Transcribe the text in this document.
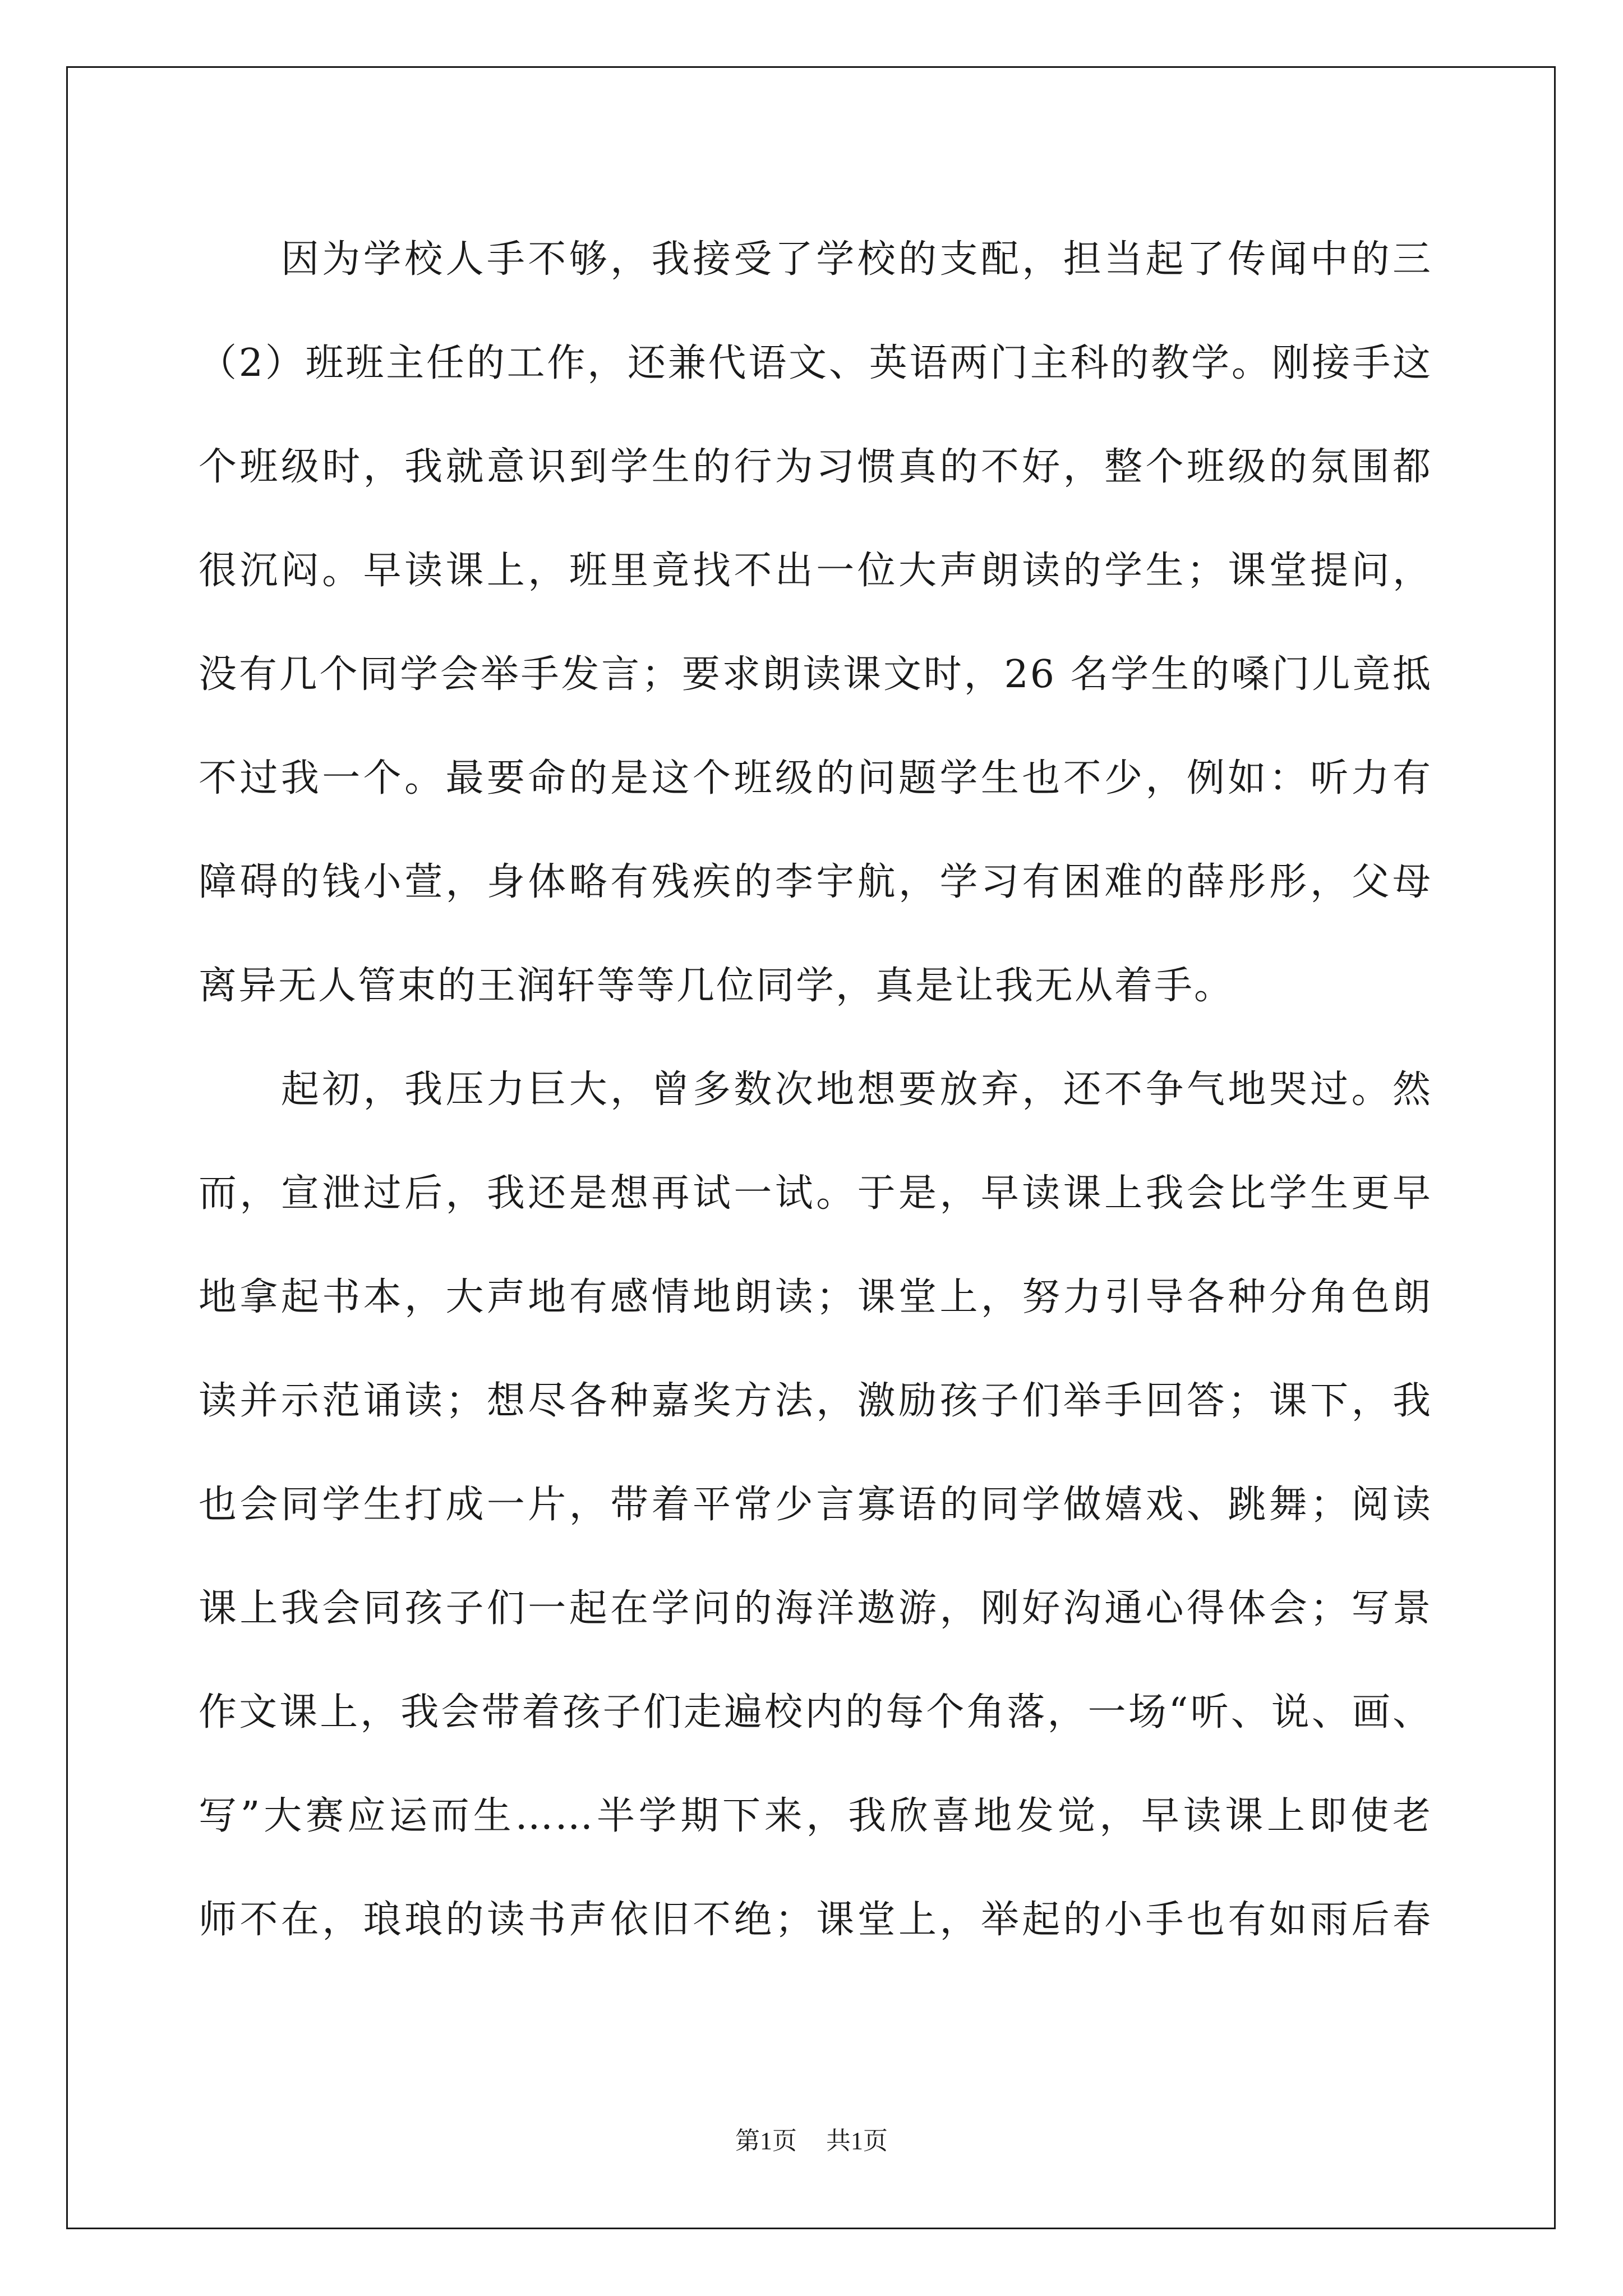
　　因为学校人手不够，我接受了学校的支配，担当起了传闻中的三
（2）班班主任的工作，还兼代语文、英语两门主科的教学。刚接手这
个班级时，我就意识到学生的行为习惯真的不好，整个班级的氛围都
很沉闷。早读课上，班里竟找不出一位大声朗读的学生；课堂提问，
没有几个同学会举手发言；要求朗读课文时，26 名学生的嗓门儿竟抵
不过我一个。最要命的是这个班级的问题学生也不少，例如：听力有
障碍的钱小萱，身体略有残疾的李宇航，学习有困难的薛彤彤，父母
离异无人管束的王润轩等等几位同学，真是让我无从着手。
　　起初，我压力巨大，曾多数次地想要放弃，还不争气地哭过。然
而，宣泄过后，我还是想再试一试。于是，早读课上我会比学生更早
地拿起书本，大声地有感情地朗读；课堂上，努力引导各种分角色朗
读并示范诵读；想尽各种嘉奖方法，激励孩子们举手回答；课下，我
也会同学生打成一片，带着平常少言寡语的同学做嬉戏、跳舞；阅读
课上我会同孩子们一起在学问的海洋遨游，刚好沟通心得体会；写景
作文课上，我会带着孩子们走遍校内的每个角落，一场“听、说、画、
写”大赛应运而生……半学期下来，我欣喜地发觉，早读课上即使老
师不在，琅琅的读书声依旧不绝；课堂上，举起的小手也有如雨后春
第1页 共1页
